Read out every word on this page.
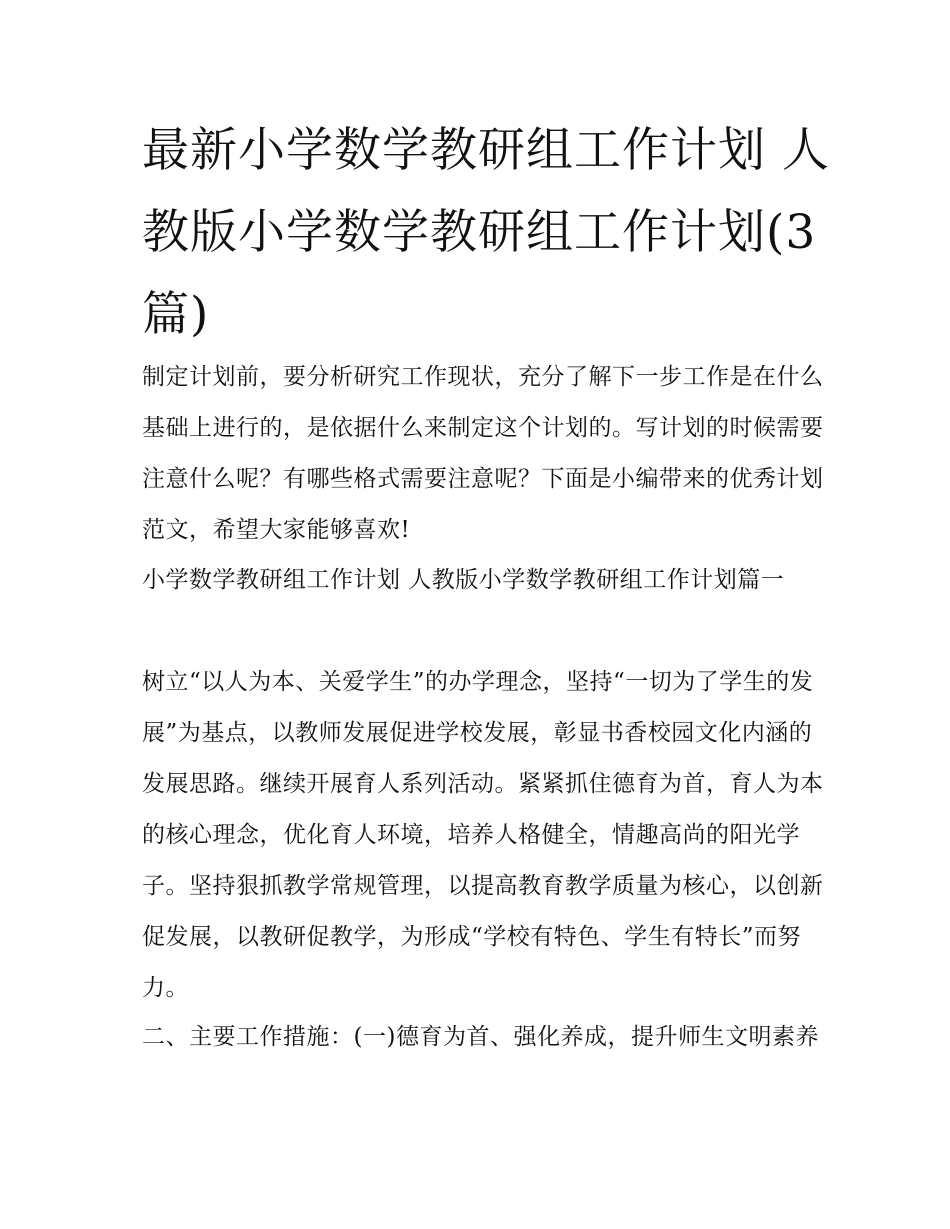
最新小学数学教研组工作计划 人教版小学数学教研组工作计划(3篇)

制定计划前，要分析研究工作现状，充分了解下一步工作是在什么基础上进行的，是依据什么来制定这个计划的。写计划的时候需要注意什么呢？有哪些格式需要注意呢？下面是小编带来的优秀计划范文，希望大家能够喜欢!

小学数学教研组工作计划 人教版小学数学教研组工作计划篇一

树立“以人为本、关爱学生”的办学理念，坚持“一切为了学生的发展”为基点，以教师发展促进学校发展，彰显书香校园文化内涵的发展思路。继续开展育人系列活动。紧紧抓住德育为首，育人为本的核心理念，优化育人环境，培养人格健全，情趣高尚的阳光学子。坚持狠抓教学常规管理，以提高教育教学质量为核心，以创新促发展，以教研促教学，为形成“学校有特色、学生有特长”而努力。

二、主要工作措施：(一)德育为首、强化养成，提升师生文明素养
